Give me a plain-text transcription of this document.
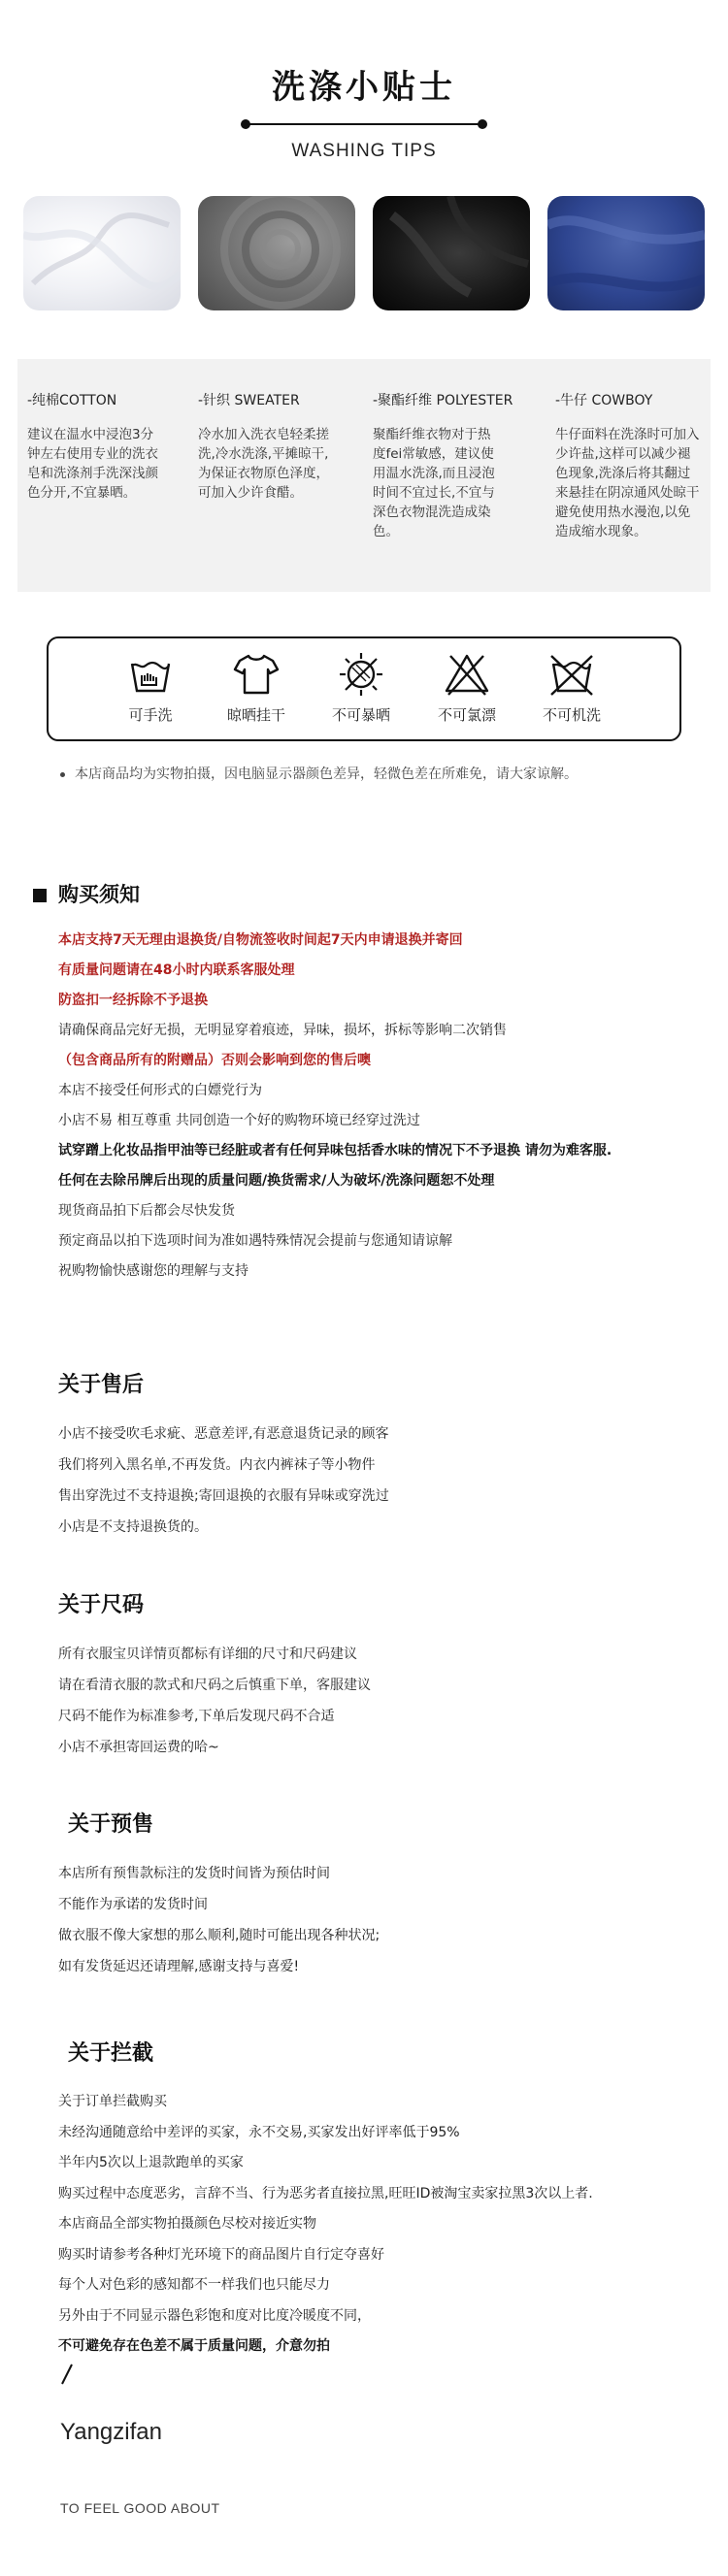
洗涤小贴士
WASHING TIPS
-纯棉COTTON
建议在温水中浸泡3分钟左右使用专业的洗衣皂和洗涤剂手洗深浅颜色分开,不宜暴晒。
-针织 SWEATER
冷水加入洗衣皂轻柔搓洗,冷水洗涤,平摊晾干,为保证衣物原色泽度，可加入少许食醋。
-聚酯纤维 POLYESTER
聚酯纤维衣物对于热度fei常敏感，建议使用温水洗涤,而且浸泡时间不宜过长,不宜与深色衣物混洗造成染色。
-牛仔 COWBOY
牛仔面料在洗涤时可加入少许盐,这样可以减少褪色现象,洗涤后将其翻过来悬挂在阴凉通风处晾干避免使用热水漫泡,以免造成缩水现象。
可手洗	晾晒挂干	不可暴晒	不可氯漂	不可机洗
本店商品均为实物拍摄，因电脑显示器颜色差异，轻微色差在所难免，请大家谅解。
购买须知
本店支持7天无理由退换货/自物流签收时间起7天内申请退换并寄回
有质量问题请在48小时内联系客服处理
防盗扣一经拆除不予退换
请确保商品完好无损，无明显穿着痕迹，异味，损坏，拆标等影响二次销售
（包含商品所有的附赠品）否则会影响到您的售后噢
本店不接受任何形式的白嫖党行为
小店不易 相互尊重 共同创造一个好的购物环境已经穿过洗过
试穿蹭上化妆品指甲油等已经脏或者有任何异味包括香水味的情况下不予退换 请勿为难客服.
任何在去除吊牌后出现的质量问题/换货需求/人为破坏/洗涤问题恕不处理
现货商品拍下后都会尽快发货
预定商品以拍下选项时间为准如遇特殊情况会提前与您通知请谅解
祝购物愉快感谢您的理解与支持
关于售后
小店不接受吹毛求疵、恶意差评,有恶意退货记录的顾客
我们将列入黑名单,不再发货。内衣内裤袜子等小物件
售出穿洗过不支持退换;寄回退换的衣服有异味或穿洗过
小店是不支持退换货的。
关于尺码
所有衣服宝贝详情页都标有详细的尺寸和尺码建议
请在看清衣服的款式和尺码之后慎重下单，客服建议
尺码不能作为标准参考,下单后发现尺码不合适
小店不承担寄回运费的哈~
关于预售
本店所有预售款标注的发货时间皆为预估时间
不能作为承诺的发货时间
做衣服不像大家想的那么顺利,随时可能出现各种状况;
如有发货延迟还请理解,感谢支持与喜爱!
关于拦截
关于订单拦截购买
未经沟通随意给中差评的买家，永不交易,买家发出好评率低于95%
半年内5次以上退款跑单的买家
购买过程中态度恶劣，言辞不当、行为恶劣者直接拉黑,旺旺ID被淘宝卖家拉黑3次以上者.
本店商品全部实物拍摄颜色尽校对接近实物
购买时请参考各种灯光环境下的商品图片自行定夺喜好
每个人对色彩的感知都不一样我们也只能尽力
另外由于不同显示器色彩饱和度对比度冷暖度不同，
不可避免存在色差不属于质量问题，介意勿拍
Yangzifan
TO FEEL GOOD ABOUT
